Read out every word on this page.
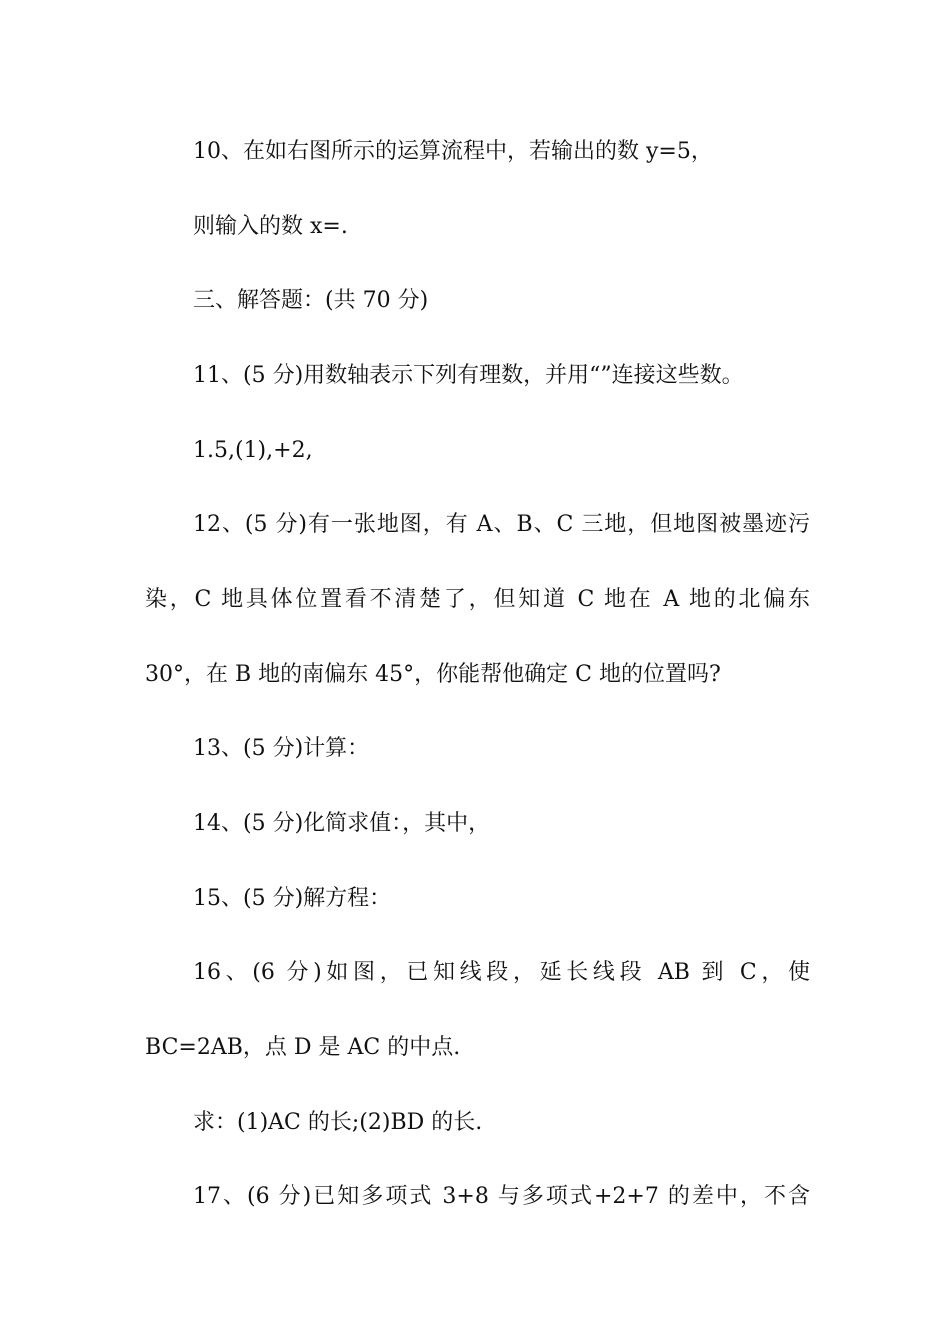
10、在如右图所示的运算流程中，若输出的数 y=5，
则输入的数 x=.
三、解答题：(共 70 分)
11、(5 分)用数轴表示下列有理数，并用“”连接这些数。
1.5,(1),+2,
12、(5 分)有一张地图，有 A、B、C 三地，但地图被墨迹污
染，C 地具体位置看不清楚了，但知道 C 地在 A 地的北偏东
30°，在 B 地的南偏东 45°，你能帮他确定 C 地的位置吗?
13、(5 分)计算：
14、(5 分)化简求值：，其中，
15、(5 分)解方程：
16、(6 分)如图，已知线段，延长线段 AB 到 C，使
BC=2AB，点 D 是 AC 的中点.
求：(1)AC 的长;(2)BD 的长.
17、(6 分)已知多项式 3+8 与多项式+2+7 的差中，不含
